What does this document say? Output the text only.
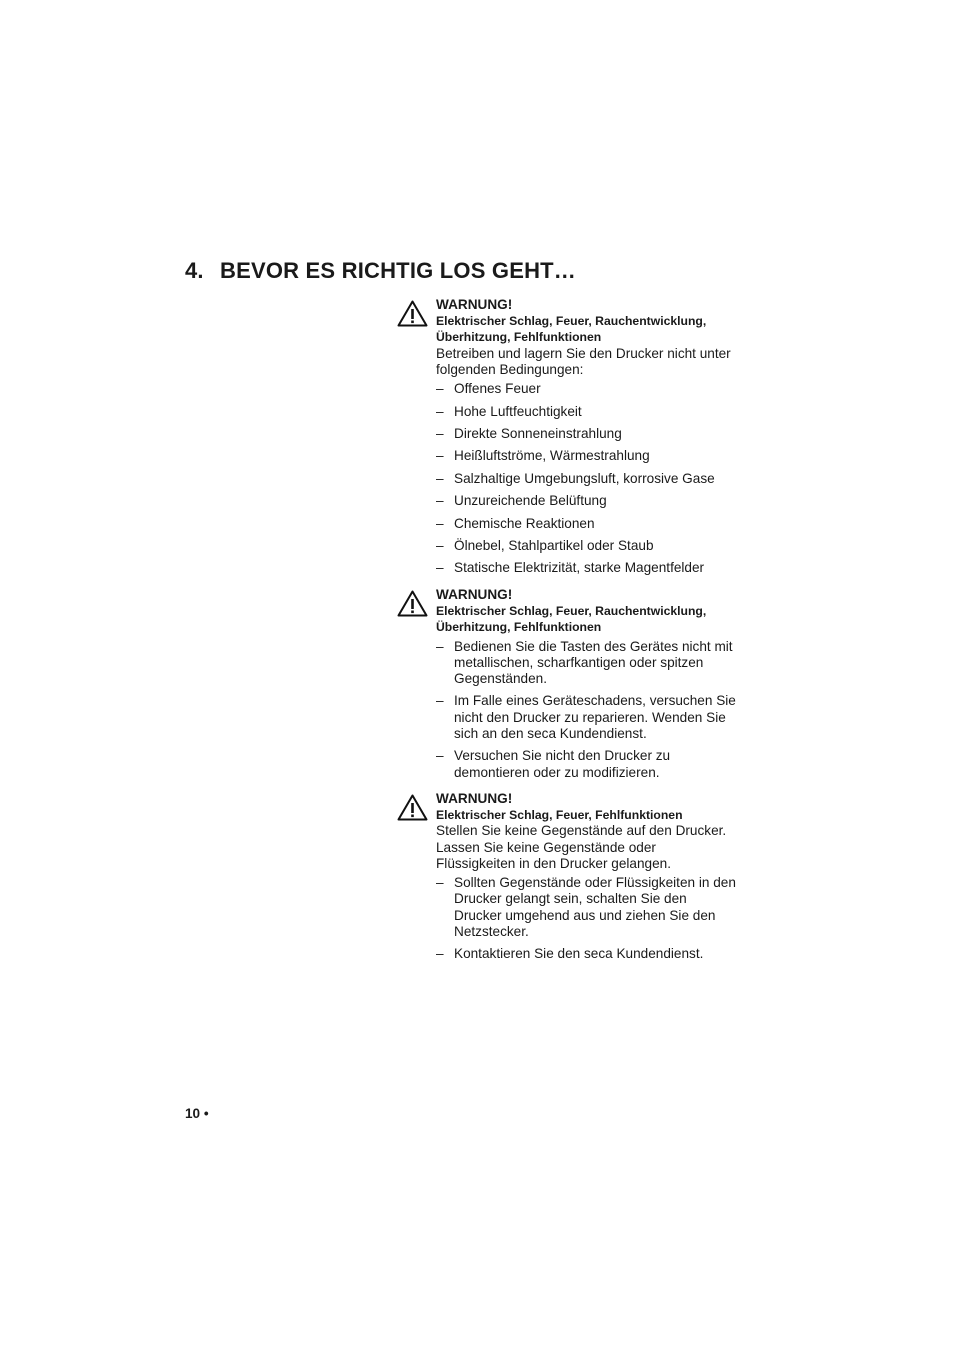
4. BEVOR ES RICHTIG LOS GEHT…
WARNUNG!
Elektrischer Schlag, Feuer, Rauchentwicklung, Überhitzung, Fehlfunktionen

Betreiben und lagern Sie den Drucker nicht unter folgenden Bedingungen:

– Offenes Feuer
– Hohe Luftfeuchtigkeit
– Direkte Sonneneinstrahlung
– Heißluftströme, Wärmestrahlung
– Salzhaltige Umgebungsluft, korrosive Gase
– Unzureichende Belüftung
– Chemische Reaktionen
– Ölnebel, Stahlpartikel oder Staub
– Statische Elektrizität, starke Magentfelder
WARNUNG!
Elektrischer Schlag, Feuer, Rauchentwicklung, Überhitzung, Fehlfunktionen
– Bedienen Sie die Tasten des Gerätes nicht mit metallischen, scharfkantigen oder spitzen Gegenständen.
– Im Falle eines Geräteschadens, versuchen Sie nicht den Drucker zu reparieren. Wenden Sie sich an den seca Kundendienst.
– Versuchen Sie nicht den Drucker zu demontieren oder zu modifizieren.
WARNUNG!
Elektrischer Schlag, Feuer, Fehlfunktionen

Stellen Sie keine Gegenstände auf den Drucker. Lassen Sie keine Gegenstände oder Flüssigkeiten in den Drucker gelangen.

– Sollten Gegenstände oder Flüssigkeiten in den Drucker gelangt sein, schalten Sie den Drucker umgehend aus und ziehen Sie den Netzstecker.
– Kontaktieren Sie den seca Kundendienst.
10 •
